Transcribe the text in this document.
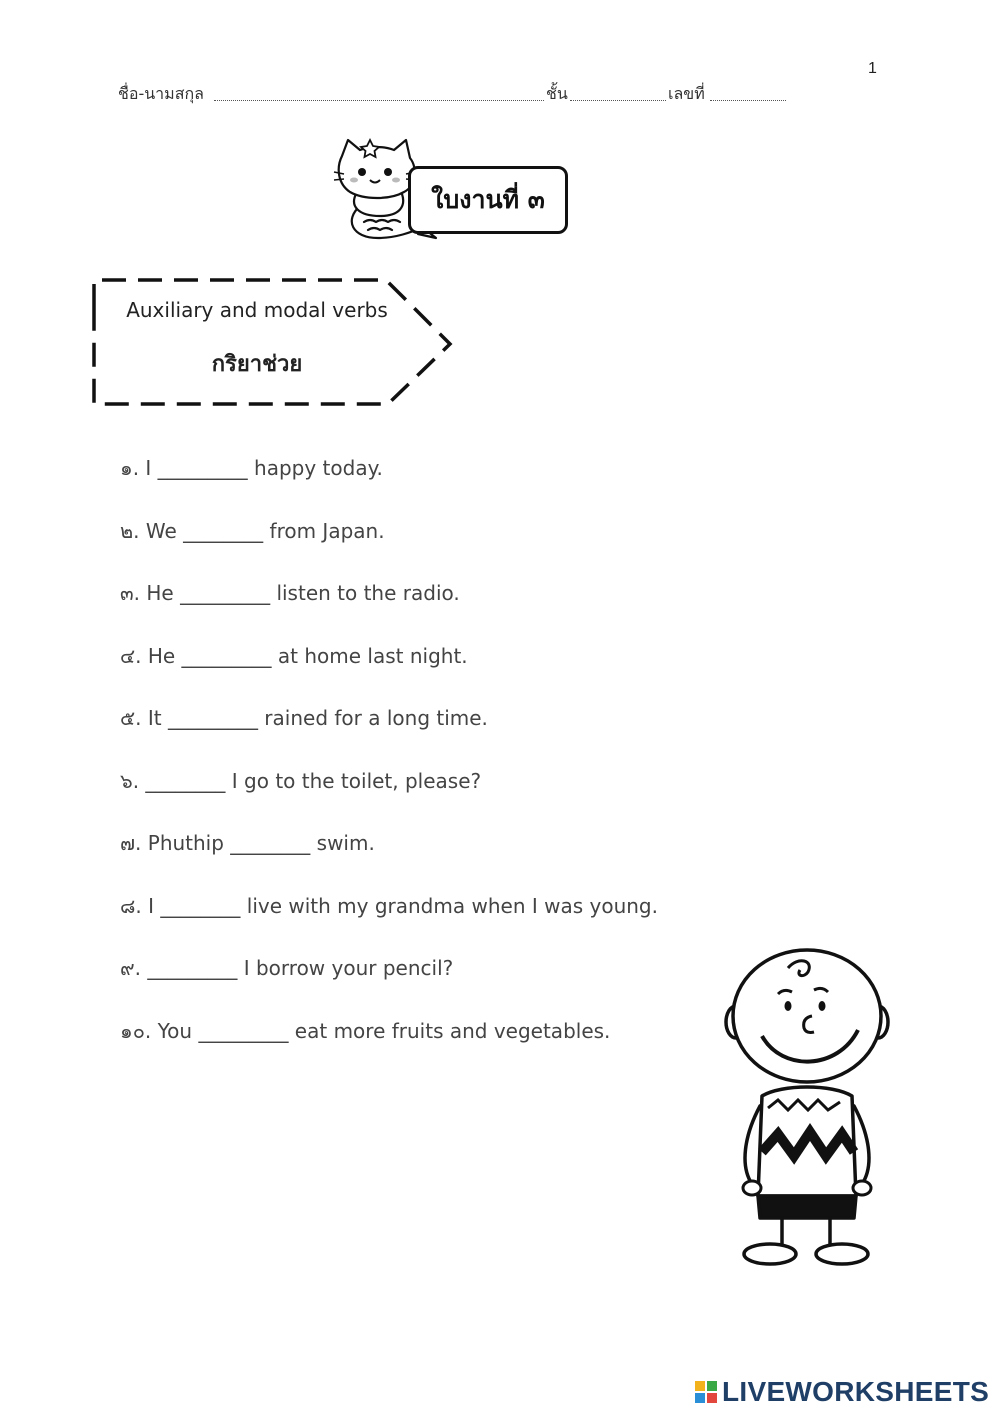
1
ชื่อ-นามสกุล	ชั้น	เลขที่
ใบงานที่ ๓
Auxiliary and modal verbs
กริยาช่วย
๑. I _________ happy today.
๒. We ________ from Japan.
๓. He _________ listen to the radio.
๔. He _________ at home last night.
๕. It _________ rained for a long time.
๖. ________ I go to the toilet, please?
๗. Phuthip ________ swim.
๘. I ________ live with my grandma when I was young.
๙. _________ I borrow your pencil?
๑๐. You _________ eat more fruits and vegetables.
LIVEWORKSHEETS
